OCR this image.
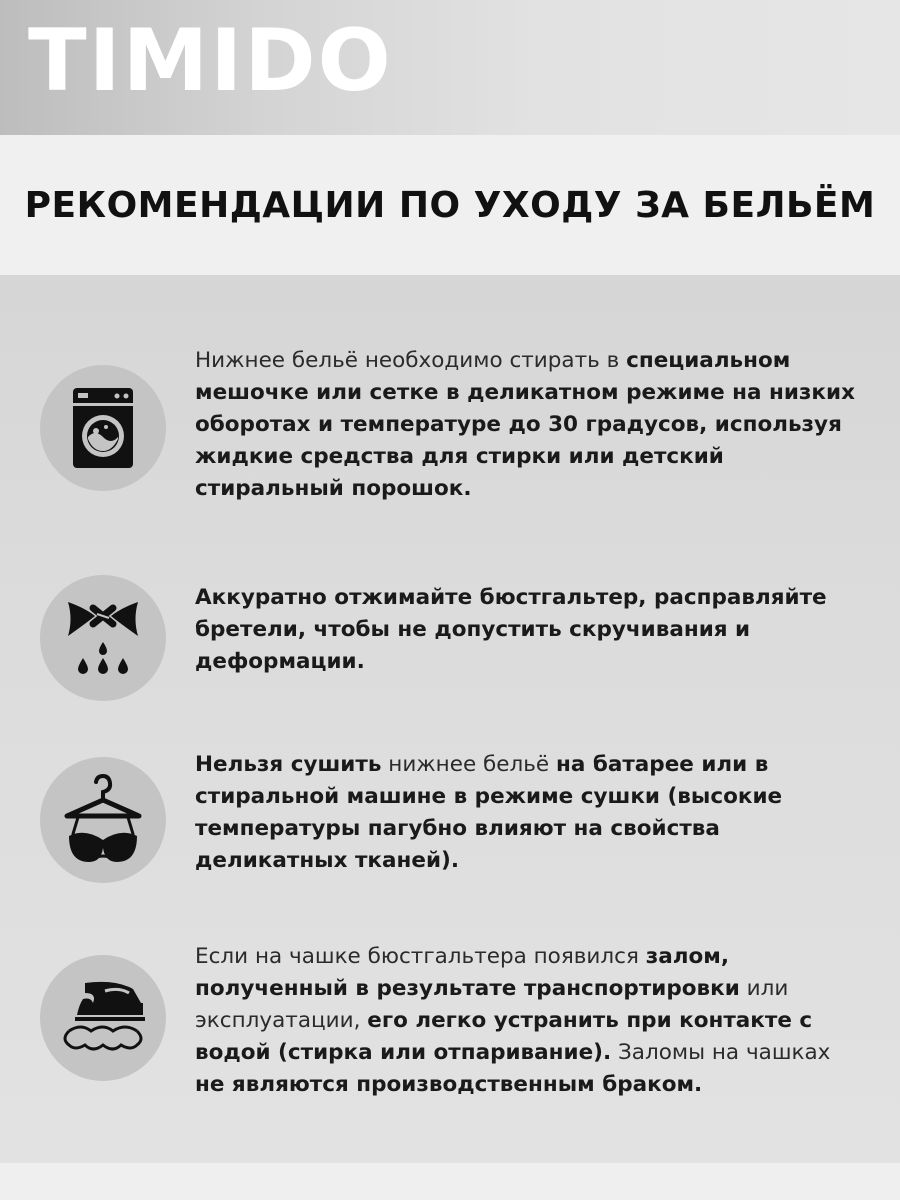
TIMIDO
РЕКОМЕНДАЦИИ ПО УХОДУ ЗА БЕЛЬЁМ
Нижнее бельё необходимо стирать в специальном мешочке или сетке в деликатном режиме на низких оборотах и температуре до 30 градусов, используя жидкие средства для стирки или детский стиральный порошок.
Аккуратно отжимайте бюстгальтер, расправляйте бретели, чтобы не допустить скручивания и деформации.
Нельзя сушить нижнее бельё на батарее или в стиральной машине в режиме сушки (высокие температуры пагубно влияют на свойства деликатных тканей).
Если на чашке бюстгальтера появился залом, полученный в результате транспортировки или эксплуатации, его легко устранить при контакте с водой (стирка или отпаривание). Заломы на чашках не являются производственным браком.
